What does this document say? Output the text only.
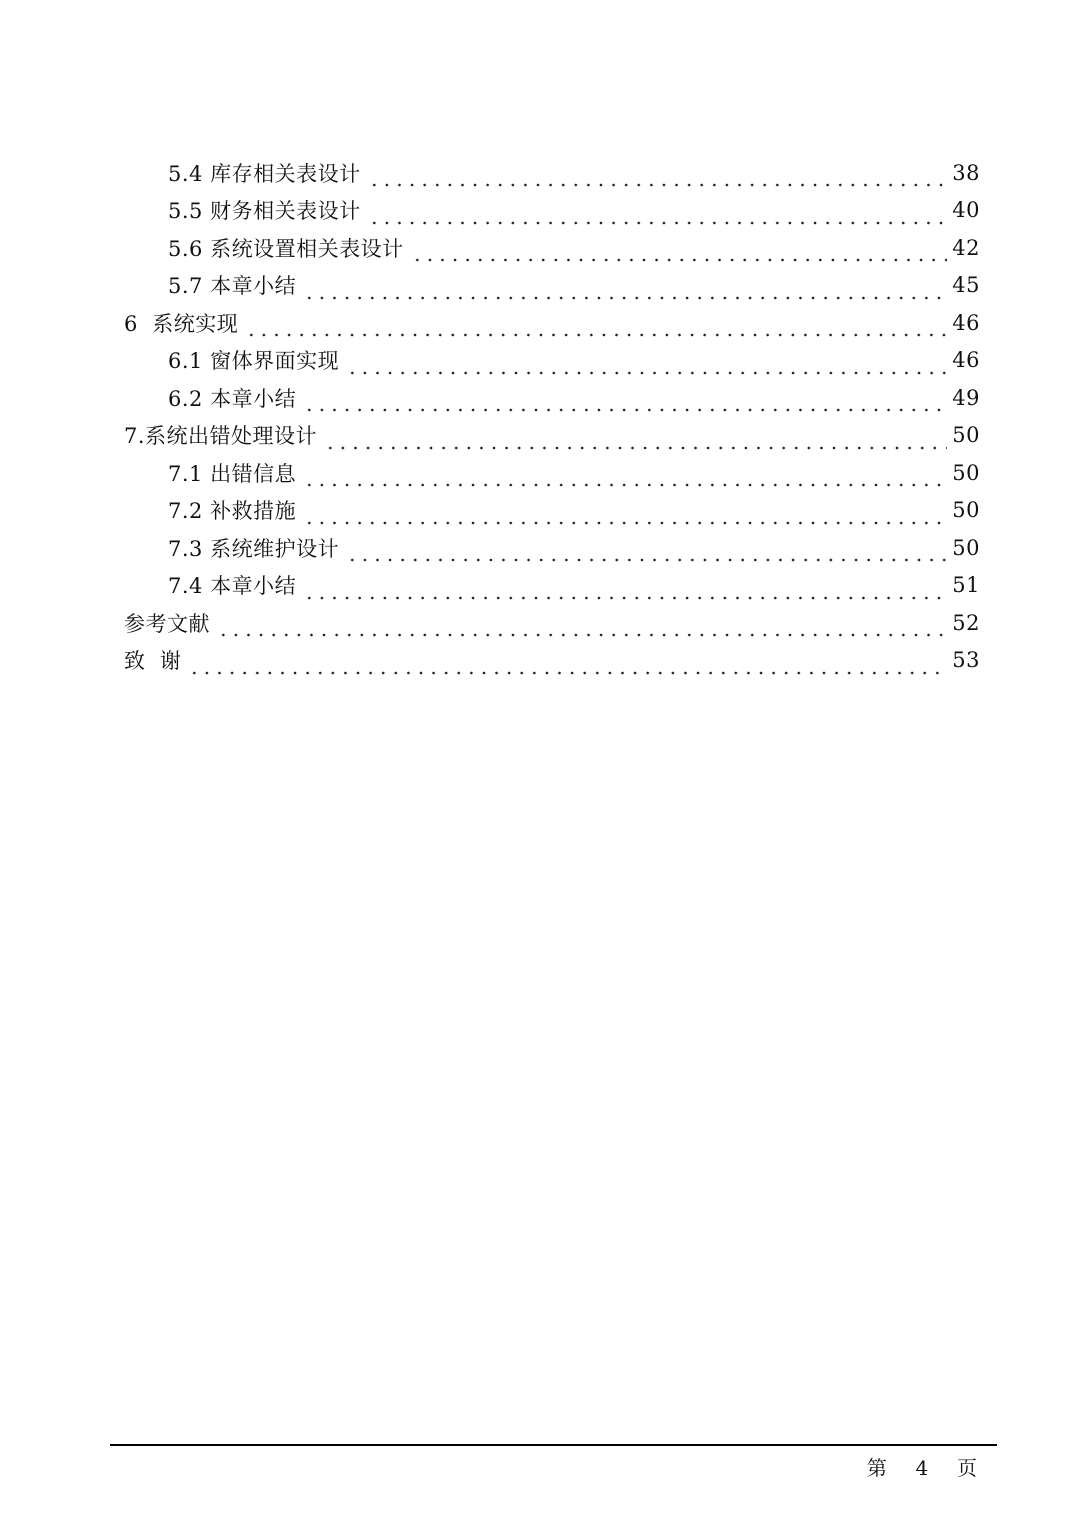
5.4 库存相关表设计	38
5.5 财务相关表设计	40
5.6 系统设置相关表设计	42
5.7 本章小结	45
6  系统实现	46
6.1 窗体界面实现	46
6.2 本章小结	49
7.系统出错处理设计	50
7.1 出错信息	50
7.2 补救措施	50
7.3 系统维护设计	50
7.4 本章小结	51
参考文献	52
致  谢	53
第  4  页
